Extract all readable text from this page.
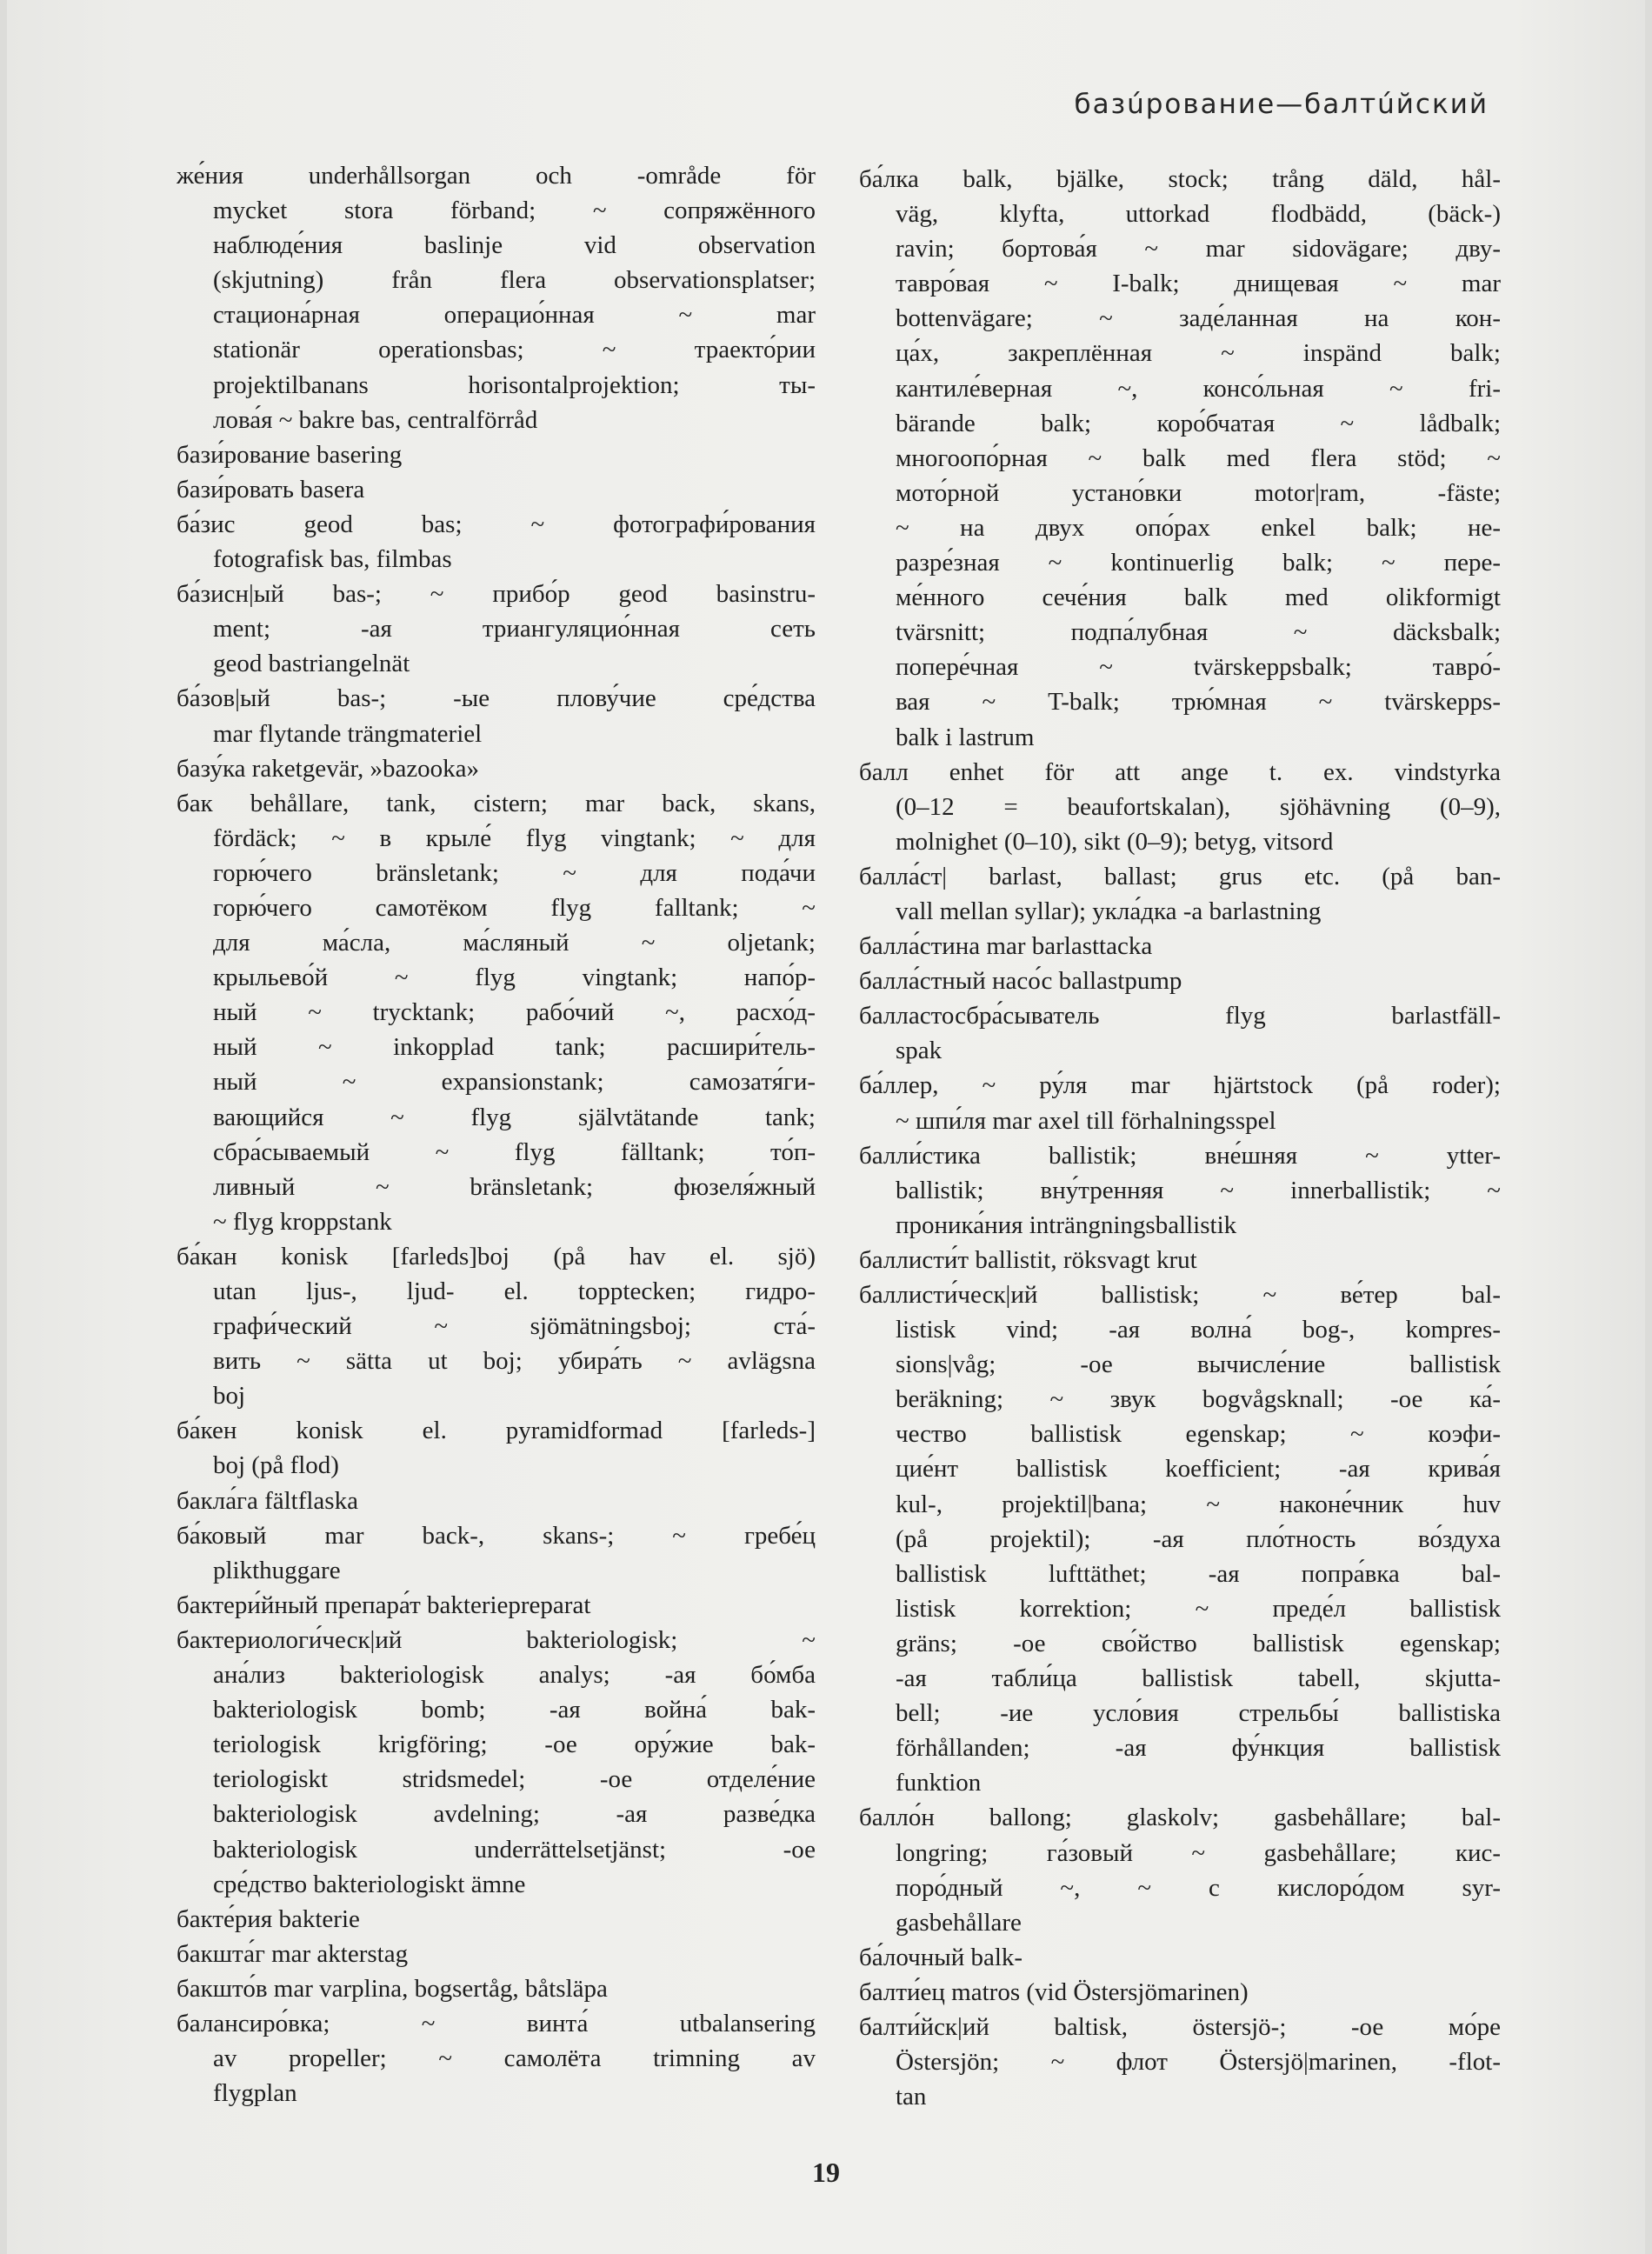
базúрование—балтúйский
же́ния underhållsorgan och -område för
mycket stora förband; ~ сопряжённого
наблюде́ния baslinje vid observation
(skjutning) från flera observationsplatser;
стациона́рная операцио́нная ~ mar
stationär operationsbas; ~ траекто́рии
projektilbanans horisontalprojektion; ты-
лова́я ~ bakre bas, centralförråd
бази́рование basering
бази́ровать basera
ба́зис geod bas; ~ фотографи́рования
fotografisk bas, filmbas
ба́зисн|ый bas-; ~ прибо́р geod basinstru-
ment; -ая триангуляцио́нная сеть
geod bastriangelnät
ба́зов|ый bas-; -ые плову́чие сре́дства
mar flytande trängmateriel
базу́ка raketgevär, »bazooka»
бак behållare, tank, cistern; mar back, skans,
fördäck; ~ в крыле́ flyg vingtank; ~ для
горю́чего bränsletank; ~ для пода́чи
горю́чего самотёком flyg falltank; ~
для ма́сла, ма́сляный ~ oljetank;
крыльево́й ~ flyg vingtank; напо́р-
ный ~ trycktank; рабо́чий ~, расхо́д-
ный ~ inkopplad tank; расшири́тель-
ный ~ expansionstank; самозатя́ги-
вающийся ~ flyg självtätande tank;
сбра́сываемый ~ flyg fälltank; то́п-
ливный ~ bränsletank; фюзеля́жный
~ flyg kroppstank
ба́кан konisk [farleds]boj (på hav el. sjö)
utan ljus-, ljud- el. topptecken; гидро-
графи́ческий ~ sjömätningsboj; ста́-
вить ~ sätta ut boj; убира́ть ~ avlägsna
boj
ба́кен konisk el. pyramidformad [farleds-]
boj (på flod)
бакла́га fältflaska
ба́ковый mar back-, skans-; ~ гребе́ц
plikthuggare
бактери́йный препара́т bakteriepreparat
бактериологи́ческ|ий bakteriologisk; ~
ана́лиз bakteriologisk analys; -ая бо́мба
bakteriologisk bomb; -ая война́ bak-
teriologisk krigföring; -ое ору́жие bak-
teriologiskt stridsmedel; -ое отделе́ние
bakteriologisk avdelning; -ая разве́дка
bakteriologisk underrättelsetjänst; -ое
сре́дство bakteriologiskt ämne
бакте́рия bakterie
бакшта́г mar akterstag
бакшто́в mar varplina, bogsertåg, båtsläpa
балансиро́вка; ~ винта́ utbalansering
av propeller; ~ самолёта trimning av
flygplan
ба́лка balk, bjälke, stock; trång däld, hål-
väg, klyfta, uttorkad flodbädd, (bäck-)
ravin; бортова́я ~ mar sidovägare; дву-
тавро́вая ~ I-balk; днищевая ~ mar
bottenvägare; ~ заде́ланная на кон-
ца́х, закреплённая ~ inspänd balk;
кантиле́верная ~, консо́льная ~ fri-
bärande balk; коро́бчатая ~ lådbalk;
многоопо́рная ~ balk med flera stöd; ~
мото́рной устано́вки motor|ram, -fäste;
~ на двух опо́рах enkel balk; не-
разре́зная ~ kontinuerlig balk; ~ пере-
ме́нного сече́ния balk med olikformigt
tvärsnitt; подпа́лубная ~ däcksbalk;
попере́чная ~ tvärskeppsbalk; тавро́-
вая ~ T-balk; трю́мная ~ tvärskepps-
balk i lastrum
балл enhet för att ange t. ex. vindstyrka
(0–12 = beaufortskalan), sjöhävning (0–9),
molnighet (0–10), sikt (0–9); betyg, vitsord
балла́ст| barlast, ballast; grus etc. (på ban-
vall mellan syllar); укла́дка -а barlastning
балла́стина mar barlasttacka
балла́стный насо́с ballastpump
балластосбра́сыватель flyg barlastfäll-
spak
ба́ллер, ~ ру́ля mar hjärtstock (på roder);
~ шпи́ля mar axel till förhalningsspel
балли́стика ballistik; вне́шняя ~ ytter-
ballistik; вну́тренняя ~ innerballistik; ~
проника́ния inträngningsballistik
баллисти́т ballistit, röksvagt krut
баллисти́ческ|ий ballistisk; ~ ве́тер bal-
listisk vind; -ая волна́ bog-, kompres-
sions|våg; -ое вычисле́ние ballistisk
beräkning; ~ звук bogvågsknall; -ое ка́-
чество ballistisk egenskap; ~ коэфи-
цие́нт ballistisk koefficient; -ая крива́я
kul-, projektil|bana; ~ наконе́чник huv
(på projektil); -ая пло́тность во́здуха
ballistisk lufttäthet; -ая попра́вка bal-
listisk korrektion; ~ преде́л ballistisk
gräns; -ое сво́йство ballistisk egenskap;
-ая табли́ца ballistisk tabell, skjutta-
bell; -ие усло́вия стрельбы́ ballistiska
förhållanden; -ая фу́нкция ballistisk
funktion
балло́н ballong; glaskolv; gasbehållare; bal-
longring; га́зовый ~ gasbehållare; кис-
поро́дный ~, ~ с кислоро́дом syr-
gasbehållare
ба́лочный balk-
балти́ец matros (vid Östersjömarinen)
балти́йск|ий baltisk, östersjö-; -ое мо́ре
Östersjön; ~ флот Östersjö|marinen, -flot-
tan
19
